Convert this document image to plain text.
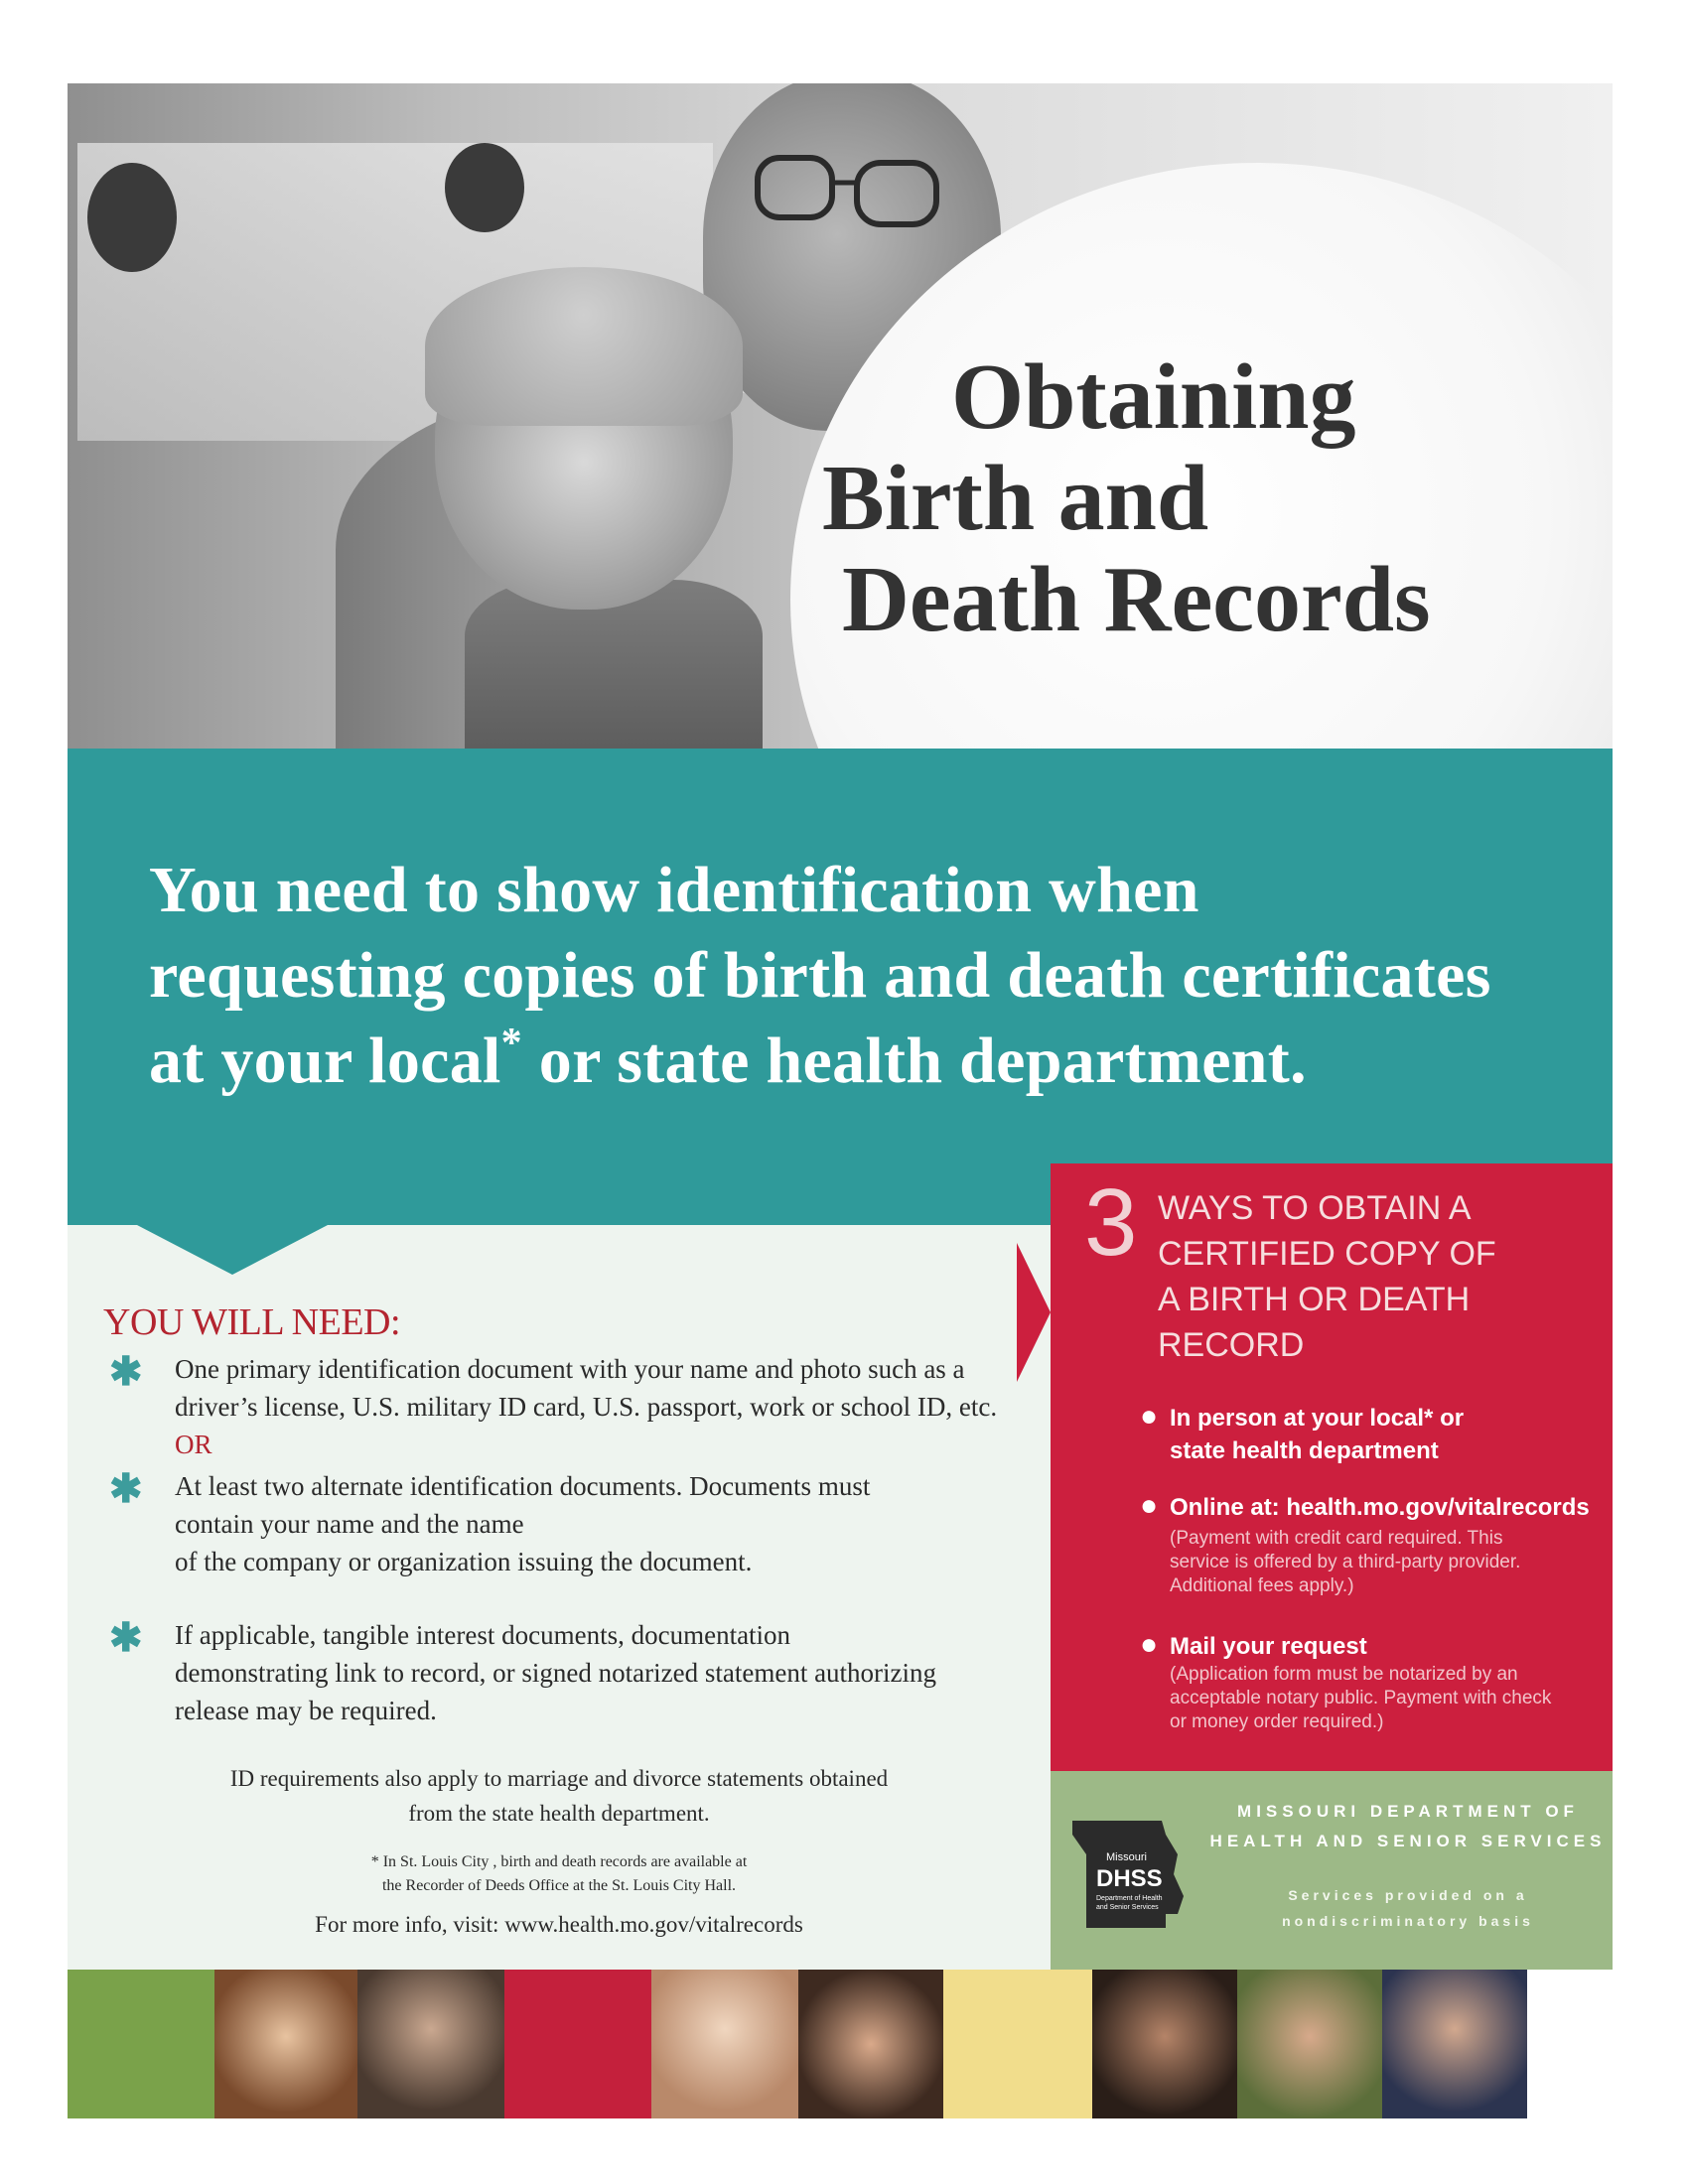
Obtaining
Birth and
Death Records
You need to show identification when
requesting copies of birth and death certificates
at your local* or state health department.
YOU WILL NEED:
✱ One primary identification document with your name and photo such as a
driver’s license, U.S. military ID card, U.S. passport, work or school ID, etc.
OR
✱ At least two alternate identification documents. Documents must
contain your name and the name
of the company or organization issuing the document.
✱ If applicable, tangible interest documents, documentation
demonstrating link to record, or signed notarized statement authorizing
release may be required.
ID requirements also apply to marriage and divorce statements obtained
from the state health department.
* In St. Louis City , birth and death records are available at
the Recorder of Deeds Office at the St. Louis City Hall.
For more info, visit: www.health.mo.gov/vitalrecords
3 WAYS TO OBTAIN A
CERTIFIED COPY OF
A BIRTH OR DEATH
RECORD
● In person at your local* or
state health department
● Online at: health.mo.gov/vitalrecords
(Payment with credit card required. This
service is offered by a third-party provider.
Additional fees apply.)
● Mail your request
(Application form must be notarized by an
acceptable notary public. Payment with check
or money order required.)
Missouri
DHSS
Department of Health
and Senior Services
MISSOURI DEPARTMENT OF
HEALTH AND SENIOR SERVICES
Services provided on a
nondiscriminatory basis
